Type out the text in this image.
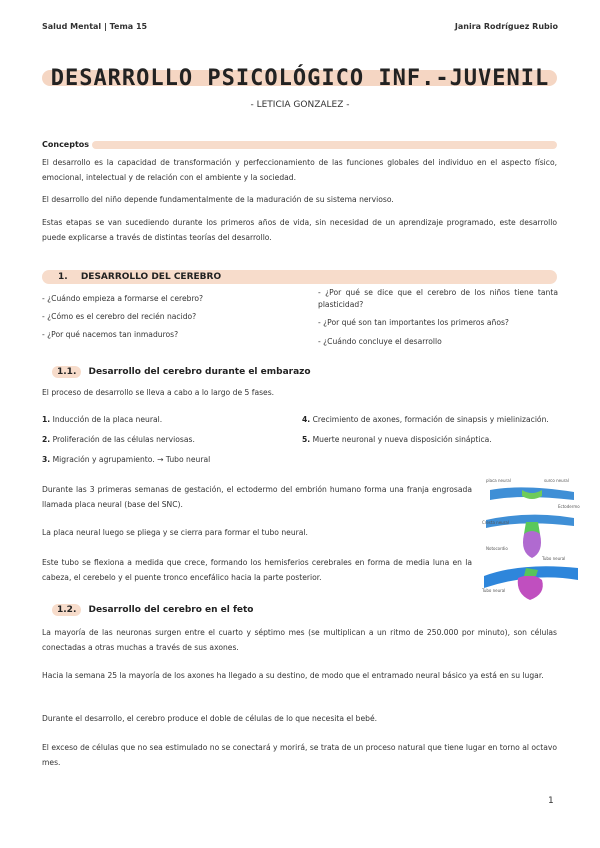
Salud Mental | Tema 15	Janira Rodríguez Rubio
DESARROLLO PSICOLÓGICO INF.-JUVENIL
- LETICIA GONZALEZ -
Conceptos
El desarrollo es la capacidad de transformación y perfeccionamiento de las funciones globales del individuo en el aspecto físico, emocional, intelectual y de relación con el ambiente y la sociedad.
El desarrollo del niño depende fundamentalmente de la maduración de su sistema nervioso.
Estas etapas se van sucediendo durante los primeros años de vida, sin necesidad de un aprendizaje programado, este desarrollo puede explicarse a través de distintas teorías del desarrollo.
1. DESARROLLO DEL CEREBRO
- ¿Cuándo empieza a formarse el cerebro?
- ¿Cómo es el cerebro del recién nacido?
- ¿Por qué nacemos tan inmaduros?
- ¿Por qué se dice que el cerebro de los niños tiene tanta plasticidad?
- ¿Por qué son tan importantes los primeros años?
- ¿Cuándo concluye el desarrollo
1.1. Desarrollo del cerebro durante el embarazo
El proceso de desarrollo se lleva a cabo a lo largo de 5 fases.
1. Inducción de la placa neural.
2. Proliferación de las células nerviosas.
3. Migración y agrupamiento. → Tubo neural
4. Crecimiento de axones, formación de sinapsis y mielinización.
5. Muerte neuronal y nueva disposición sináptica.
Durante las 3 primeras semanas de gestación, el ectodermo del embrión humano forma una franja engrosada llamada placa neural (base del SNC).
La placa neural luego se pliega y se cierra para formar el tubo neural.
Este tubo se flexiona a medida que crece, formando los hemisferios cerebrales en forma de media luna en la cabeza, el cerebelo y el puente tronco encefálico hacia la parte posterior.
placa neural	surco neural
Ectodermo
Cresta neural
Notocordio
Tubo neural
Tubo neural
1.2. Desarrollo del cerebro en el feto
La mayoría de las neuronas surgen entre el cuarto y séptimo mes (se multiplican a un ritmo de 250.000 por minuto), son células conectadas a otras muchas a través de sus axones.
Hacia la semana 25 la mayoría de los axones ha llegado a su destino, de modo que el entramado neural básico ya está en su lugar.
Durante el desarrollo, el cerebro produce el doble de células de lo que necesita el bebé.
El exceso de células que no sea estimulado no se conectará y morirá, se trata de un proceso natural que tiene lugar en torno al octavo mes.
1
